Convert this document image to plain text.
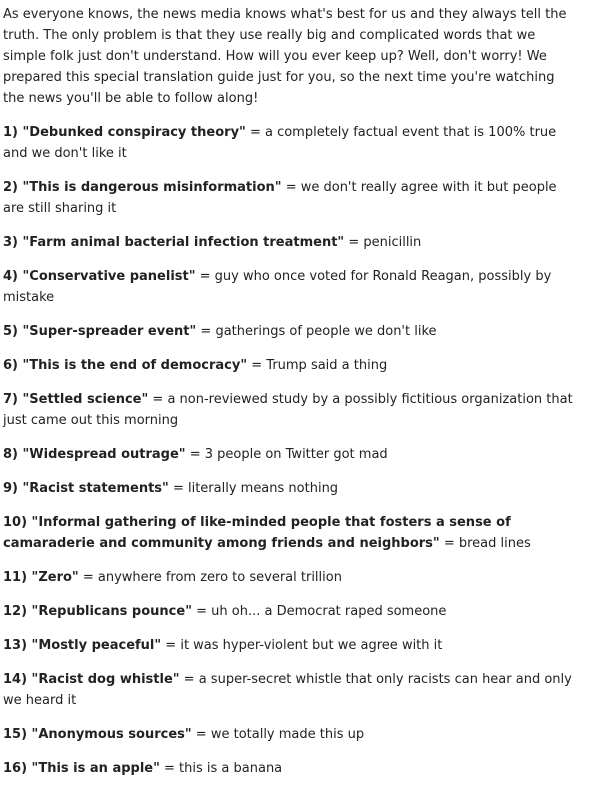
As everyone knows, the news media knows what's best for us and they always tell the truth. The only problem is that they use really big and complicated words that we simple folk just don't understand. How will you ever keep up? Well, don't worry! We prepared this special translation guide just for you, so the next time you're watching the news you'll be able to follow along!

1) "Debunked conspiracy theory" = a completely factual event that is 100% true and we don't like it
2) "This is dangerous misinformation" = we don't really agree with it but people are still sharing it
3) "Farm animal bacterial infection treatment" = penicillin
4) "Conservative panelist" = guy who once voted for Ronald Reagan, possibly by mistake
5) "Super-spreader event" = gatherings of people we don't like
6) "This is the end of democracy" = Trump said a thing
7) "Settled science" = a non-reviewed study by a possibly fictitious organization that just came out this morning
8) "Widespread outrage" = 3 people on Twitter got mad
9) "Racist statements" = literally means nothing
10) "Informal gathering of like-minded people that fosters a sense of camaraderie and community among friends and neighbors" = bread lines
11) "Zero" = anywhere from zero to several trillion
12) "Republicans pounce" = uh oh... a Democrat raped someone
13) "Mostly peaceful" = it was hyper-violent but we agree with it
14) "Racist dog whistle" = a super-secret whistle that only racists can hear and only we heard it
15) "Anonymous sources" = we totally made this up
16) "This is an apple" = this is a banana
